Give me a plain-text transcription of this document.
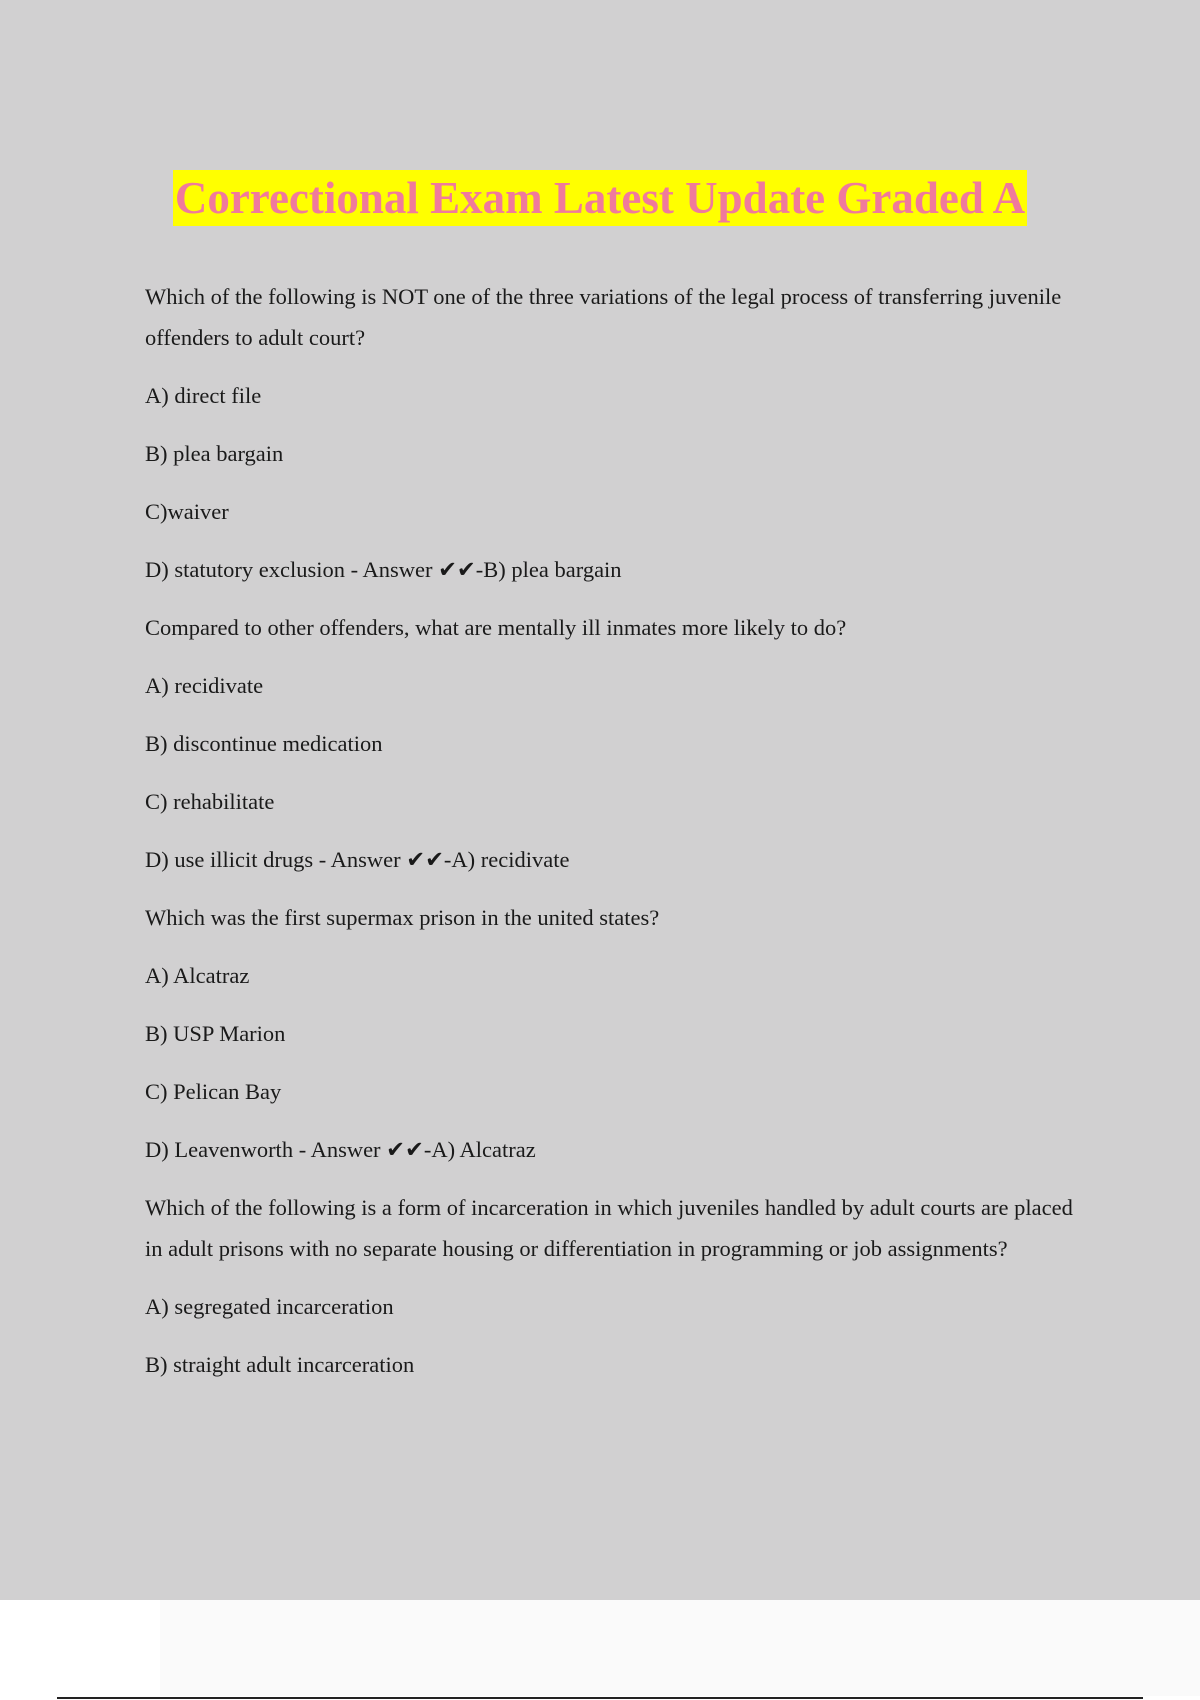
Correctional Exam Latest Update Graded A
Which of the following is NOT one of the three variations of the legal process of transferring juvenile offenders to adult court?
A) direct file
B) plea bargain
C)waiver
D) statutory exclusion - Answer ✔✔-B) plea bargain
Compared to other offenders, what are mentally ill inmates more likely to do?
A) recidivate
B) discontinue medication
C) rehabilitate
D) use illicit drugs - Answer ✔✔-A) recidivate
Which was the first supermax prison in the united states?
A) Alcatraz
B) USP Marion
C) Pelican Bay
D) Leavenworth - Answer ✔✔-A) Alcatraz
Which of the following is a form of incarceration in which juveniles handled by adult courts are placed in adult prisons with no separate housing or differentiation in programming or job assignments?
A) segregated incarceration
B) straight adult incarceration
